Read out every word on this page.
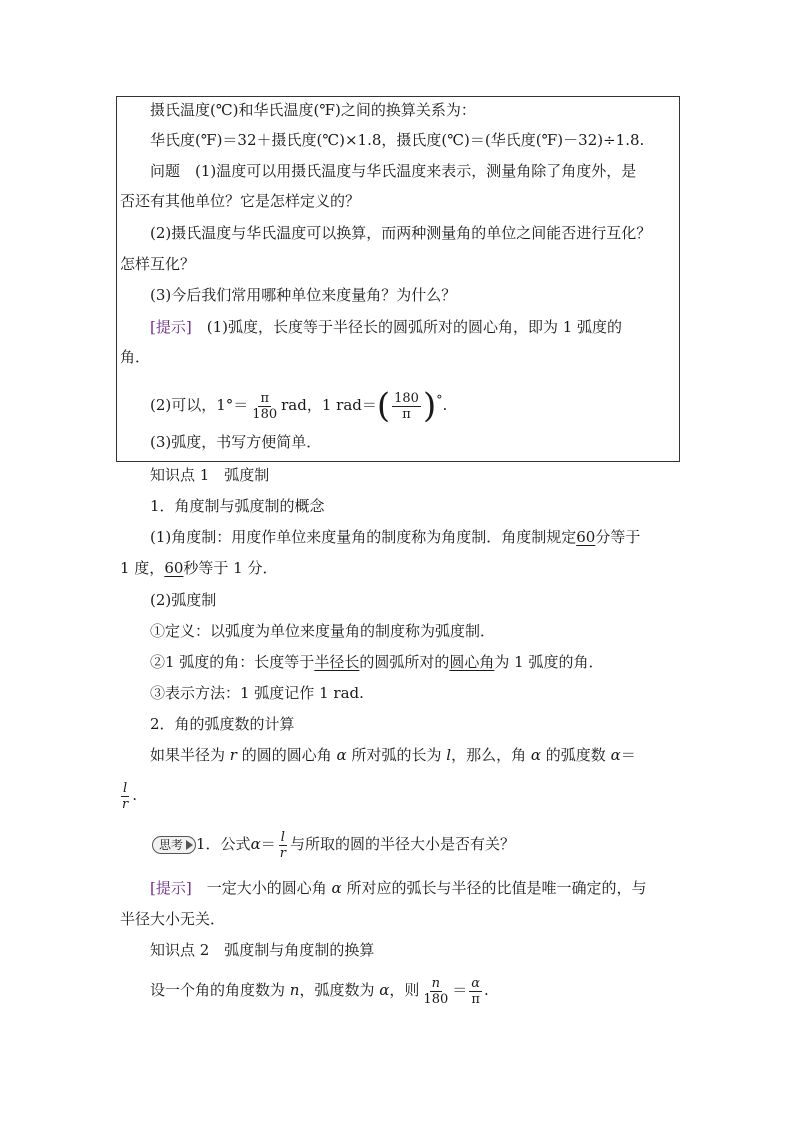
摄氏温度(℃)和华氏温度(℉)之间的换算关系为：
华氏度(℉)＝32＋摄氏度(℃)×1.8，摄氏度(℃)＝(华氏度(℉)－32)÷1.8.
问题　(1)温度可以用摄氏温度与华氏温度来表示，测量角除了角度外，是
否还有其他单位？它是怎样定义的？
(2)摄氏温度与华氏温度可以换算，而两种测量角的单位之间能否进行互化？
怎样互化？
(3)今后我们常用哪种单位来度量角？为什么？
[提示]　(1)弧度，长度等于半径长的圆弧所对的圆心角，即为 1 弧度的
角．
(2)可以，$1^\circ= \frac{\pi}{180}$ rad，1 $rad=( \frac{180}{\pi} )^\circ$.
(3)弧度，书写方便简单．
知识点 1　弧度制
1．角度制与弧度制的概念
(1)角度制：用度作单位来度量角的制度称为角度制．角度制规定60分等于
1 度，60秒等于 1 分．
(2)弧度制
①定义：以弧度为单位来度量角的制度称为弧度制．
②1 弧度的角：长度等于半径长的圆弧所对的圆心角为 1 弧度的角．
③表示方法：1 弧度记作 1 rad.
2．角的弧度数的计算
如果半径为 r 的圆的圆心角 α 所对弧的长为 l，那么，角 α 的弧度数 α＝
$\frac{l}{r}$ .
思考 1．公式$\alpha= \frac{l}{r}$ 与所取的圆的半径大小是否有关？
[提示]　一定大小的圆心角 α 所对应的弧长与半径的比值是唯一确定的，与
半径大小无关．
知识点 2　弧度制与角度制的换算
设一个角的角度数为 n，弧度数为 α，则 $\frac{n}{180} = \frac{\alpha}{\pi}$ .
